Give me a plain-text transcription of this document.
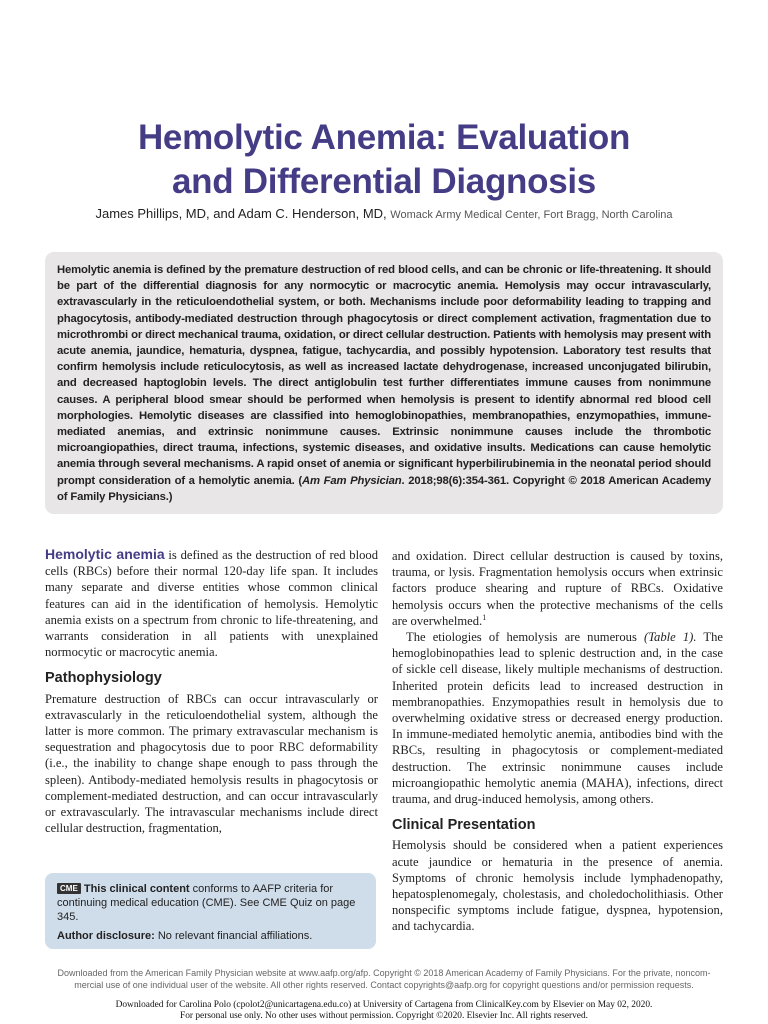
Hemolytic Anemia: Evaluation
and Differential Diagnosis
James Phillips, MD, and Adam C. Henderson, MD, Womack Army Medical Center, Fort Bragg, North Carolina

Hemolytic anemia is defined by the premature destruction of red blood cells, and can be chronic or life-threatening. It should be part of the differential diagnosis for any normocytic or macrocytic anemia. Hemolysis may occur intravascularly, extravascularly in the reticuloendothelial system, or both. Mechanisms include poor deformability leading to trapping and phagocytosis, antibody-mediated destruction through phagocytosis or direct complement activation, fragmentation due to microthrombi or direct mechanical trauma, oxidation, or direct cellular destruction. Patients with hemolysis may present with acute anemia, jaundice, hematuria, dyspnea, fatigue, tachycardia, and possibly hypotension. Laboratory test results that confirm hemolysis include reticulocytosis, as well as increased lactate dehydrogenase, increased unconjugated bilirubin, and decreased haptoglobin levels. The direct antiglobulin test further differentiates immune causes from nonimmune causes. A peripheral blood smear should be performed when hemolysis is present to identify abnormal red blood cell morphologies. Hemolytic diseases are classified into hemoglobinopathies, membranopathies, enzymopathies, immune-mediated anemias, and extrinsic nonimmune causes. Extrinsic nonimmune causes include the thrombotic microangiopathies, direct trauma, infections, systemic diseases, and oxidative insults. Medications can cause hemolytic anemia through several mechanisms. A rapid onset of anemia or significant hyperbilirubinemia in the neonatal period should prompt consideration of a hemolytic anemia. (Am Fam Physician. 2018;98(6):354-361. Copyright © 2018 American Academy of Family Physicians.)

Hemolytic anemia is defined as the destruction of red blood cells (RBCs) before their normal 120-day life span. It includes many separate and diverse entities whose common clinical features can aid in the identification of hemolysis. Hemolytic anemia exists on a spectrum from chronic to life-threatening, and warrants consideration in all patients with unexplained normocytic or macrocytic anemia.

Pathophysiology

Premature destruction of RBCs can occur intravascularly or extravascularly in the reticuloendothelial system, although the latter is more common. The primary extravascular mechanism is sequestration and phagocytosis due to poor RBC deformability (i.e., the inability to change shape enough to pass through the spleen). Antibody-mediated hemolysis results in phagocytosis or complement-mediated destruction, and can occur intravascularly or extravascularly. The intravascular mechanisms include direct cellular destruction, fragmentation,

and oxidation. Direct cellular destruction is caused by toxins, trauma, or lysis. Fragmentation hemolysis occurs when extrinsic factors produce shearing and rupture of RBCs. Oxidative hemolysis occurs when the protective mechanisms of the cells are overwhelmed.$^1$

The etiologies of hemolysis are numerous (Table 1). The hemoglobinopathies lead to splenic destruction and, in the case of sickle cell disease, likely multiple mechanisms of destruction. Inherited protein deficits lead to increased destruction in membranopathies. Enzymopathies result in hemolysis due to overwhelming oxidative stress or decreased energy production. In immune-mediated hemolytic anemia, antibodies bind with the RBCs, resulting in phagocytosis or complement-mediated destruction. The extrinsic nonimmune causes include microangiopathic hemolytic anemia (MAHA), infections, direct trauma, and drug-induced hemolysis, among others.

Clinical Presentation

Hemolysis should be considered when a patient experiences acute jaundice or hematuria in the presence of anemia. Symptoms of chronic hemolysis include lymphadenopathy, hepatosplenomegaly, cholestasis, and choledocholithiasis. Other nonspecific symptoms include fatigue, dyspnea, hypotension, and tachycardia.

CME This clinical content conforms to AAFP criteria for continuing medical education (CME). See CME Quiz on page 345.
Author disclosure: No relevant financial affiliations.
Downloaded from the American Family Physician website at www.aafp.org/afp. Copyright © 2018 American Academy of Family Physicians. For the private, noncom-
mercial use of one individual user of the website. All other rights reserved. Contact copyrights@aafp.org for copyright questions and/or permission requests.
Downloaded for Carolina Polo (cpolot2@unicartagena.edu.co) at University of Cartagena from ClinicalKey.com by Elsevier on May 02, 2020.
For personal use only. No other uses without permission. Copyright ©2020. Elsevier Inc. All rights reserved.
